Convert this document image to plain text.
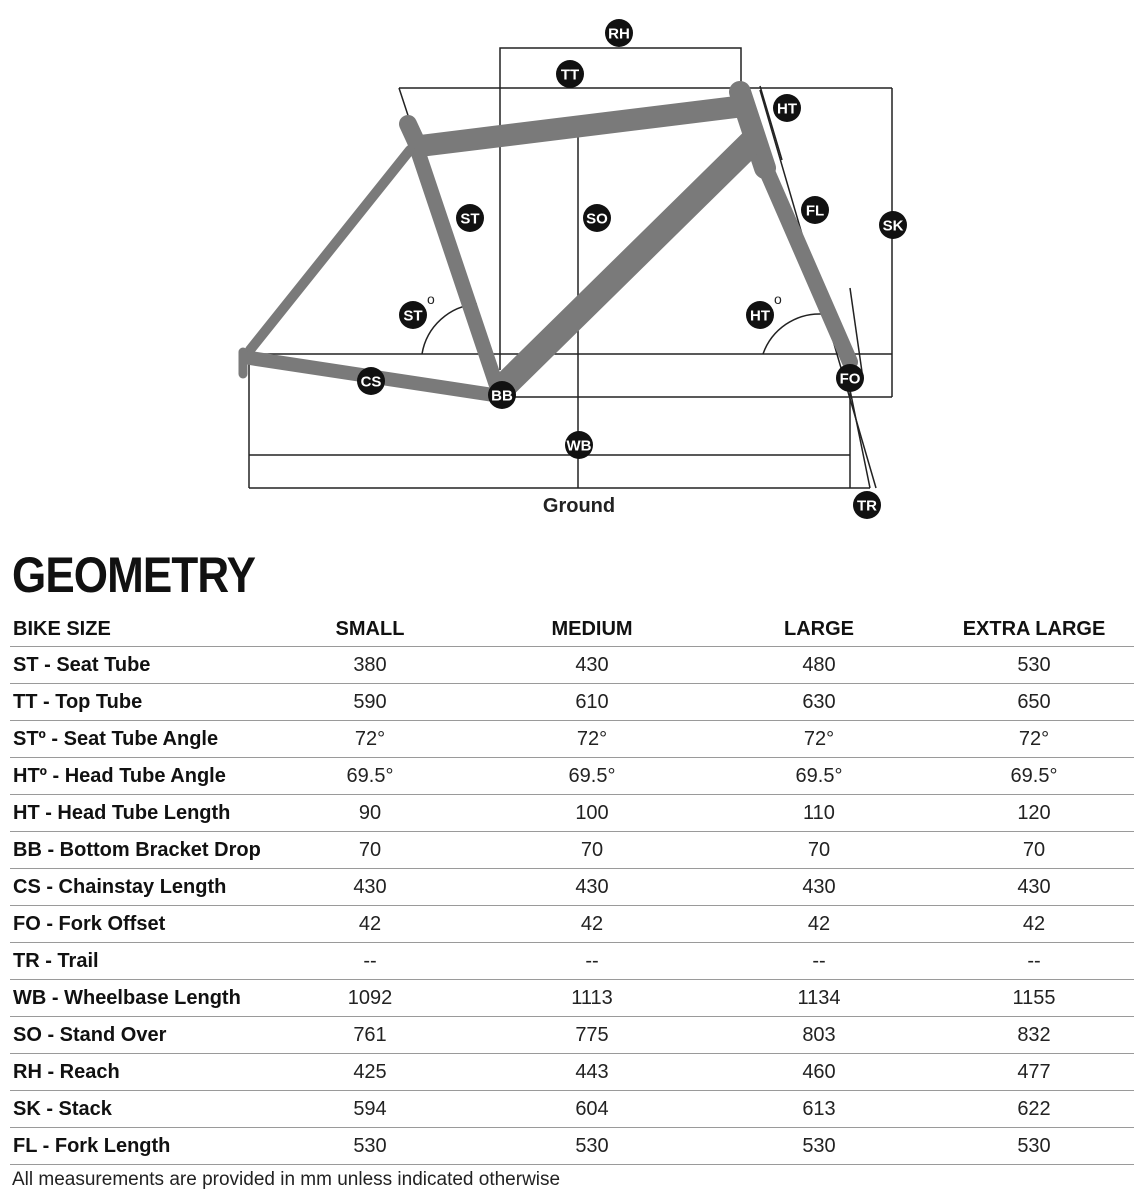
RH
TT
HT
ST	SO	FL
SK
ST
o
HT
o
CS
BB
FO
WB
TR
Ground
GEOMETRY
BIKE SIZE	SMALL	MEDIUM	LARGE	EXTRA LARGE
ST - Seat Tube	380	430	480	530
TT - Top Tube	590	610	630	650
STº - Seat Tube Angle	72°	72°	72°	72°
HTº - Head Tube Angle	69.5°	69.5°	69.5°	69.5°
HT - Head Tube Length	90	100	110	120
BB - Bottom Bracket Drop	70	70	70	70
CS - Chainstay Length	430	430	430	430
FO - Fork Offset	42	42	42	42
TR - Trail	--	--	--	--
WB - Wheelbase Length	1092	1113	1134	1155
SO - Stand Over	761	775	803	832
RH - Reach	425	443	460	477
SK - Stack	594	604	613	622
FL - Fork Length	530	530	530	530

All measurements are provided in mm unless indicated otherwise
